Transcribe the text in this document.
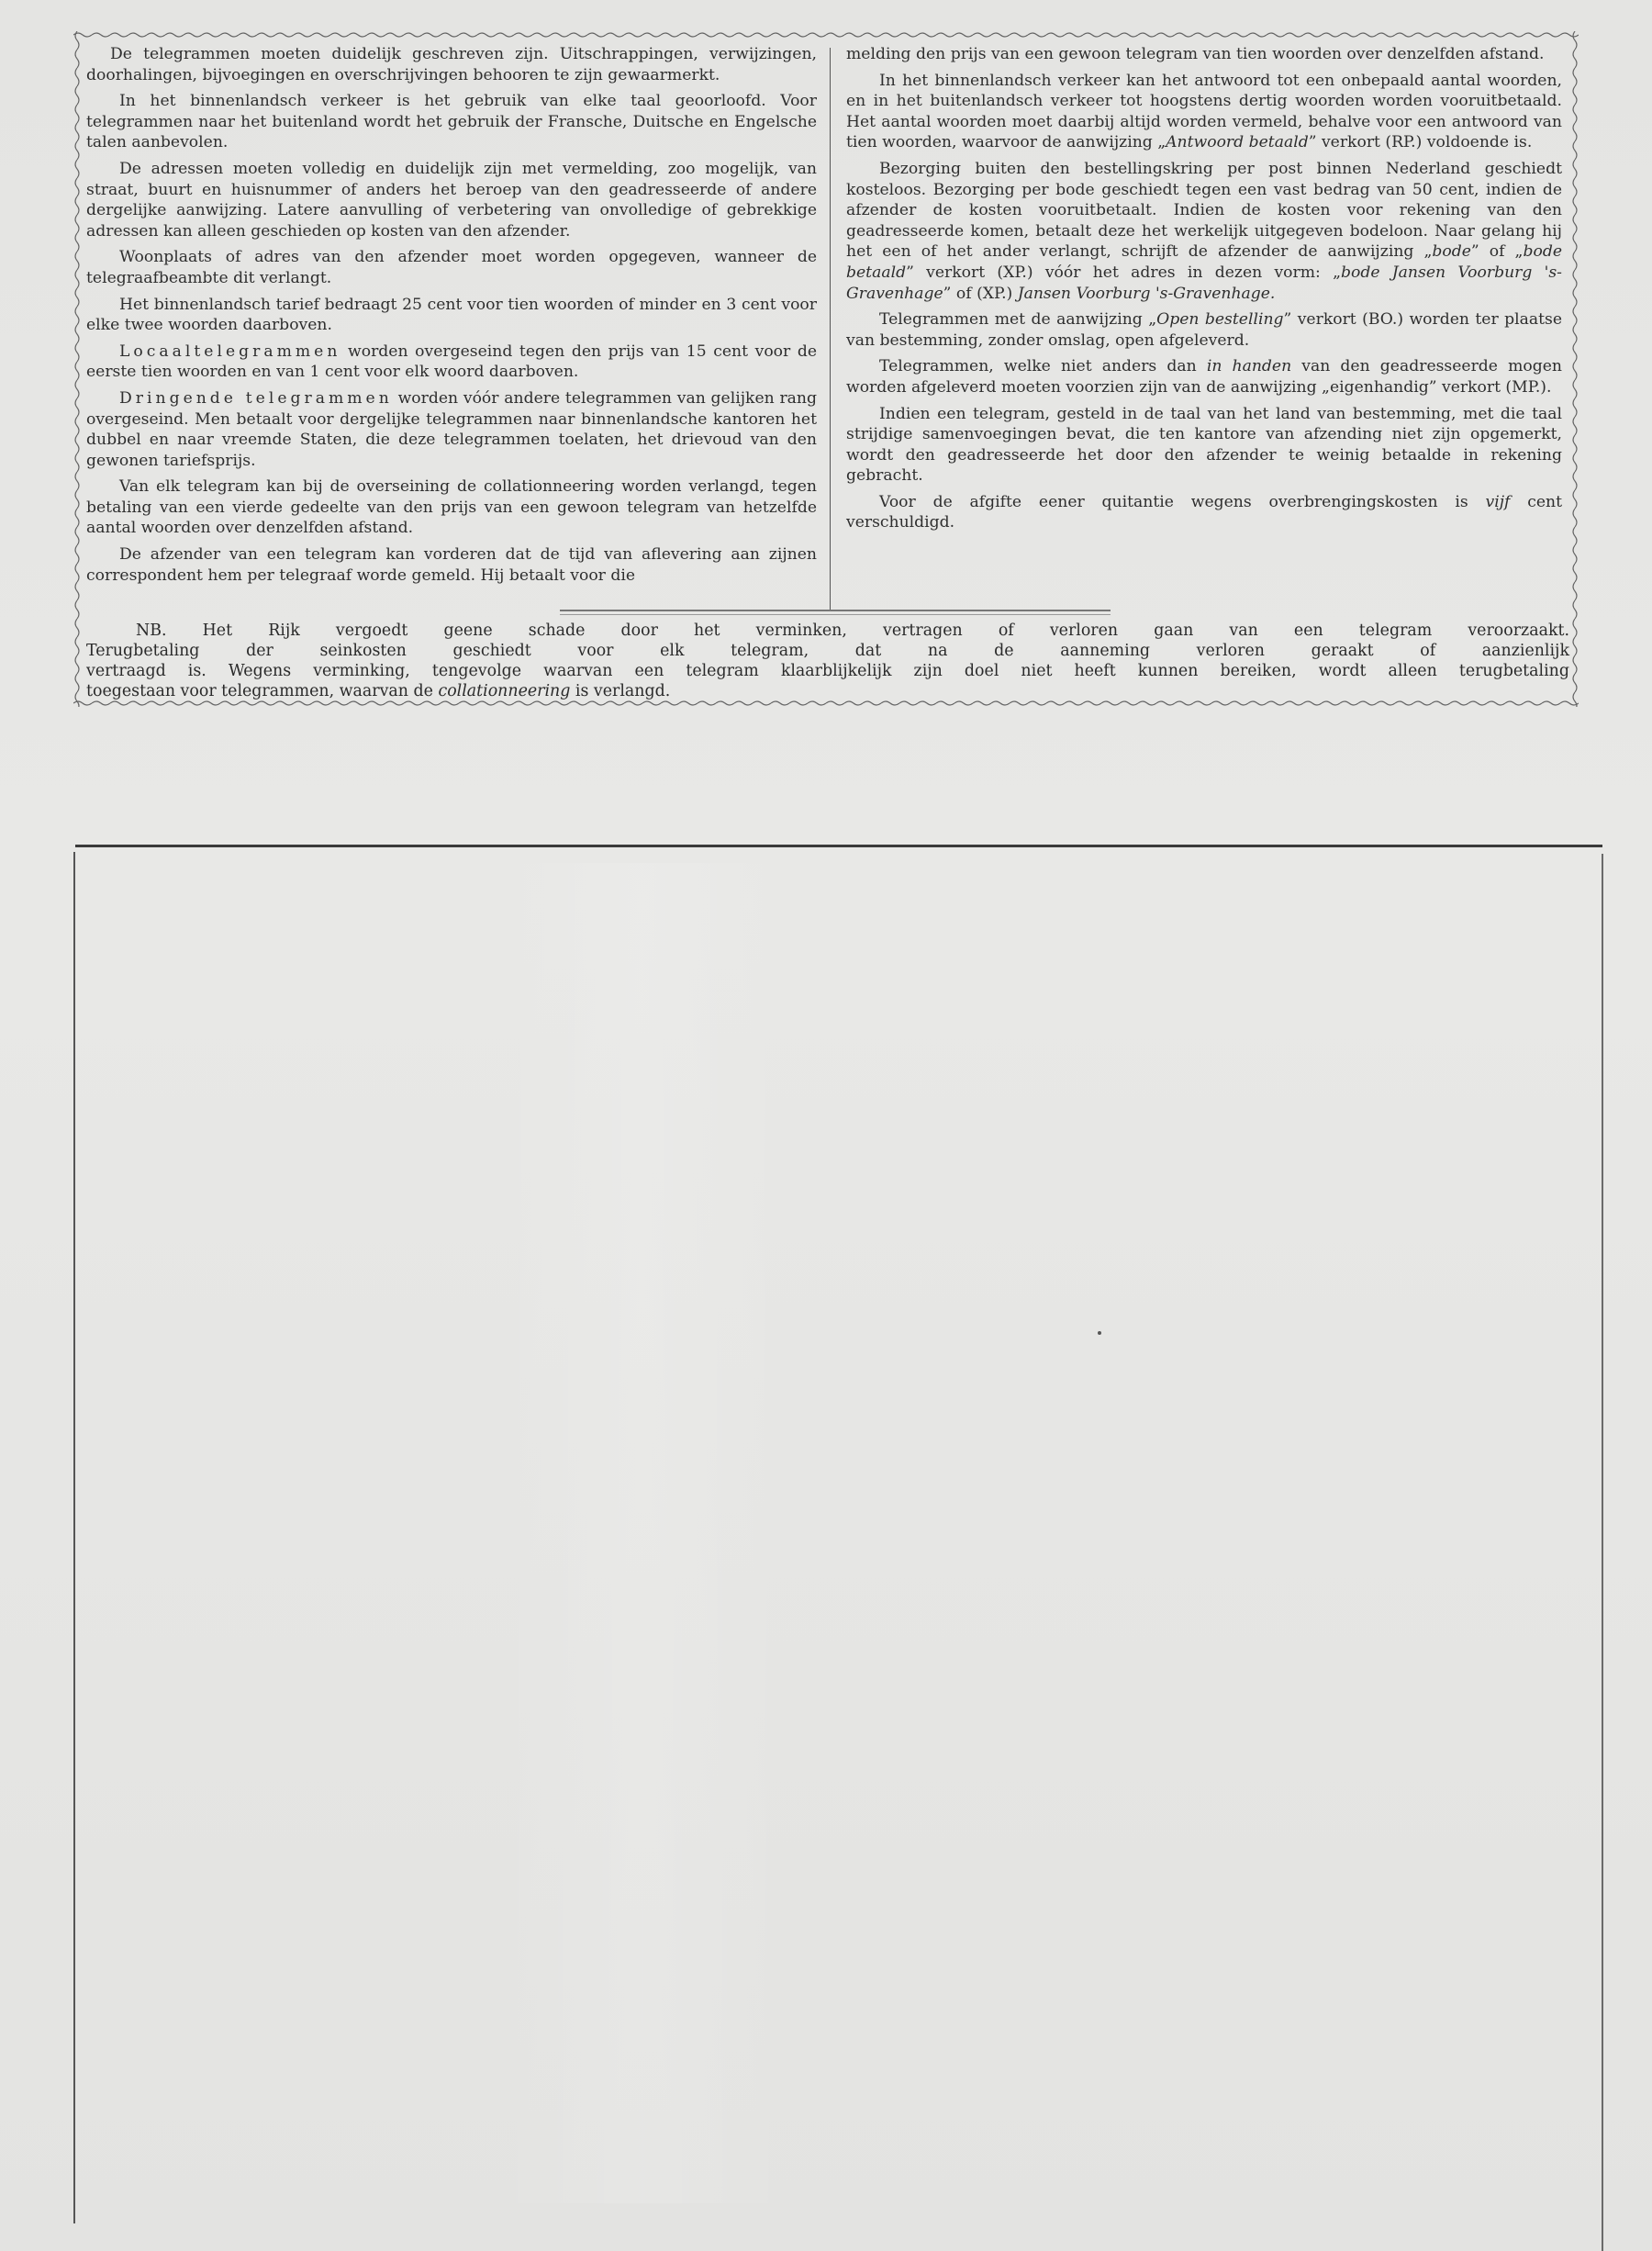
De telegrammen moeten duidelijk geschreven zijn. Uitschrappingen, verwijzingen, doorhalingen, bijvoegingen en overschrijvingen behooren te zijn gewaarmerkt.

In het binnenlandsch verkeer is het gebruik van elke taal geoorloofd. Voor telegrammen naar het buitenland wordt het gebruik der Fransche, Duitsche en Engelsche talen aanbevolen.

De adressen moeten volledig en duidelijk zijn met vermelding, zoo mogelijk, van straat, buurt en huisnummer of anders het beroep van den geadresseerde of andere dergelijke aanwijzing. Latere aanvulling of verbetering van onvolledige of gebrekkige adressen kan alleen geschieden op kosten van den afzender.

Woonplaats of adres van den afzender moet worden opgegeven, wanneer de telegraafbeambte dit verlangt.

Het binnenlandsch tarief bedraagt 25 cent voor tien woorden of minder en 3 cent voor elke twee woorden daarboven.

Locaaltelegrammen worden overgeseind tegen den prijs van 15 cent voor de eerste tien woorden en van 1 cent voor elk woord daarboven.

Dringende telegrammen worden vóór andere telegrammen van gelijken rang overgeseind. Men betaalt voor dergelijke telegrammen naar binnenlandsche kantoren het dubbel en naar vreemde Staten, die deze telegrammen toelaten, het drievoud van den gewonen tariefsprijs.

Van elk telegram kan bij de overseining de collationneering worden verlangd, tegen betaling van een vierde gedeelte van den prijs van een gewoon telegram van hetzelfde aantal woorden over denzelfden afstand.

De afzender van een telegram kan vorderen dat de tijd van aflevering aan zijnen correspondent hem per telegraaf worde gemeld. Hij betaalt voor die

melding den prijs van een gewoon telegram van tien woorden over denzelfden afstand.

In het binnenlandsch verkeer kan het antwoord tot een onbepaald aantal woorden, en in het buitenlandsch verkeer tot hoogstens dertig woorden worden vooruitbetaald. Het aantal woorden moet daarbij altijd worden vermeld, behalve voor een antwoord van tien woorden, waarvoor de aanwijzing „Antwoord betaald” verkort (RP.) voldoende is.

Bezorging buiten den bestellingskring per post binnen Nederland geschiedt kosteloos. Bezorging per bode geschiedt tegen een vast bedrag van 50 cent, indien de afzender de kosten vooruitbetaalt. Indien de kosten voor rekening van den geadresseerde komen, betaalt deze het werkelijk uitgegeven bodeloon. Naar gelang hij het een of het ander verlangt, schrijft de afzender de aanwijzing „bode” of „bode betaald” verkort (XP.) vóór het adres in dezen vorm: „bode Jansen Voorburg 's-Gravenhage” of (XP.) Jansen Voorburg 's-Gravenhage.

Telegrammen met de aanwijzing „Open bestelling” verkort (BO.) worden ter plaatse van bestemming, zonder omslag, open afgeleverd.

Telegrammen, welke niet anders dan in handen van den geadresseerde mogen worden afgeleverd moeten voorzien zijn van de aanwijzing „eigenhandig” verkort (MP.).

Indien een telegram, gesteld in de taal van het land van bestemming, met die taal strijdige samenvoegingen bevat, die ten kantore van afzending niet zijn opgemerkt, wordt den geadresseerde het door den afzender te weinig betaalde in rekening gebracht.

Voor de afgifte eener quitantie wegens overbrengingskosten is vijf cent verschuldigd.

NB. Het Rijk vergoedt geene schade door het verminken, vertragen of verloren gaan van een telegram veroorzaakt.

Terugbetaling der seinkosten geschiedt voor elk telegram, dat na de aanneming verloren geraakt of aanzienlijk
vertraagd is. Wegens verminking, tengevolge waarvan een telegram klaarblijkelijk zijn doel niet heeft kunnen bereiken, wordt alleen terugbetaling
toegestaan voor telegrammen, waarvan de collationneering is verlangd.
